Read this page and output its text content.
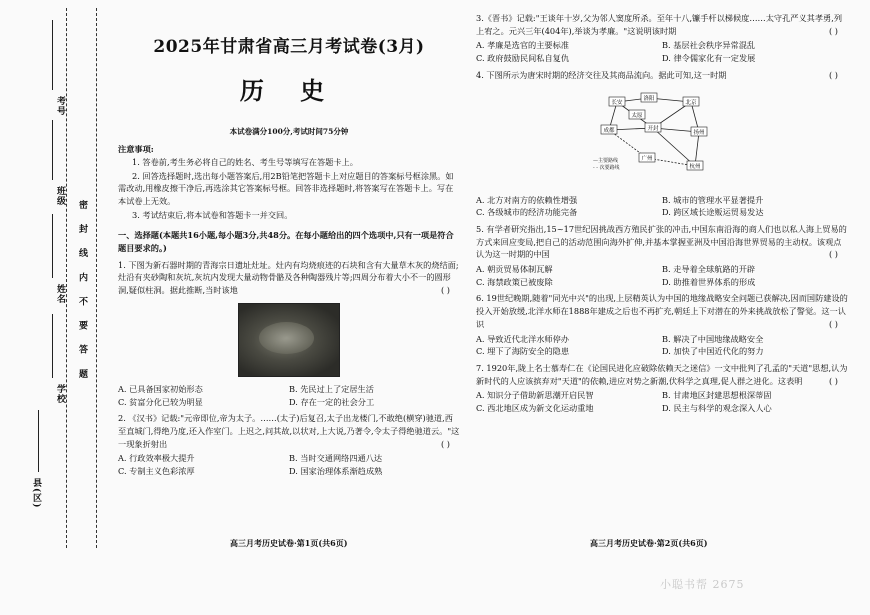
考号
班级
姓名
学校
县(区)
密 封 线 内 不 要 答 题
2025年甘肃省高三月考试卷(3月)
历 史
本试卷满分100分,考试时间75分钟
注意事项:

1. 答卷前,考生务必将自己的姓名、考生号等填写在答题卡上。

2. 回答选择题时,选出每小题答案后,用2B铅笔把答题卡上对应题目的答案标号框涂黑。如需改动,用橡皮擦干净后,再选涂其它答案标号框。回答非选择题时,将答案写在答题卡上。写在本试卷上无效。

3. 考试结束后,将本试卷和答题卡一并交回。

一、选择题(本题共16小题,每小题3分,共48分。在每小题给出的四个选项中,只有一项是符合题目要求的。)

1. 下图为新石器时期的青海宗日遗址灶址。灶内有均烧痕迹的石块和含有大量草木灰的烧结面;灶沿有夹砂陶和灰坑,灰坑内发现大量动物骨骼及各种陶器残片等;四周分布着大小不一的圆形洞,疑似柱洞。据此推断,当时该地	( )

A. 已具备国家初始形态	B. 先民过上了定居生活
C. 贫富分化已较为明显	D. 存在一定的社会分工

2. 《汉书》记载:"元帝即位,帝为太子。……(太子)后复召,太子出龙楼门,不敢绝(横穿)驰道,西至直城门,得绝乃度,还入作室门。上迟之,问其故,以状对,上大说,乃著令,令太子得绝驰道云。"这一现象折射出	( )

A. 行政效率极大提升	B. 当时交通网络四通八达
C. 专制主义色彩浓厚	D. 国家治理体系渐趋成熟

3.《晋书》记载:"王谈年十岁,父为邻人窦度所杀。至年十八,镰手杆以梯候度……太守孔严义其孝勇,列上宥之。元兴三年(404年),举谈为孝廉。"这说明该时期	( )

A. 孝廉是选官的主要标准	B. 基层社会秩序异常混乱
C. 政府鼓励民间私自复仇	D. 律令儒家化有一定发展

4. 下图所示为唐宋时期的经济交往及其商品流向。据此可知,这一时期	( )

长安
洛阳
北京
开封
成都	扬州
杭州
广州
太原
—主要路线
- - 次要路线
A. 北方对南方的依赖性增强	B. 城市的管理水平显著提升
C. 各级城市的经济功能完备	D. 跨区域长途贩运贸易发达

5. 有学者研究指出,15~17世纪因挑战西方殖民扩张的冲击,中国东南沿海的商人们也以私人海上贸易的方式来回应变局,把自己的活动范围向海外扩伸,并基本掌握亚洲及中国沿海世界贸易的主动权。该观点认为这一时期的中国	( )

A. 朝贡贸易体制瓦解	B. 走导着全球航路的开辟
C. 海禁政策已被废除	D. 助推着世界体系的形成

6. 19世纪晚期,随着"同光中兴"的出现,上层精英认为中国的地缘战略安全问题已获解决,因而国防建设的投入开始放缓,北洋水师在1888年建成之后也不再扩充,朝廷上下对潜在的外来挑战放松了警觉。这一认识	( )

A. 导致近代北洋水师停办	B. 解决了中国地缘战略安全
C. 埋下了海防安全的隐患	D. 加快了中国近代化的努力

7. 1920年,陇上名士慕寿仁在《论国民进化应破除依赖天之迷信》一文中批判了孔孟的"天道"思想,认为新时代的人应该摈弃对"天道"的依赖,进应对势之新潮,伏科学之真理,促人群之进化。这表明	( )

A. 知识分子借助新思潮开启民智	B. 甘肃地区封建思想根深蒂固
C. 西北地区成为新文化运动重地	D. 民主与科学的观念深入人心
高三月考历史试卷·第1页(共6页)	高三月考历史试卷·第2页(共6页)
小聪书帮 2675
